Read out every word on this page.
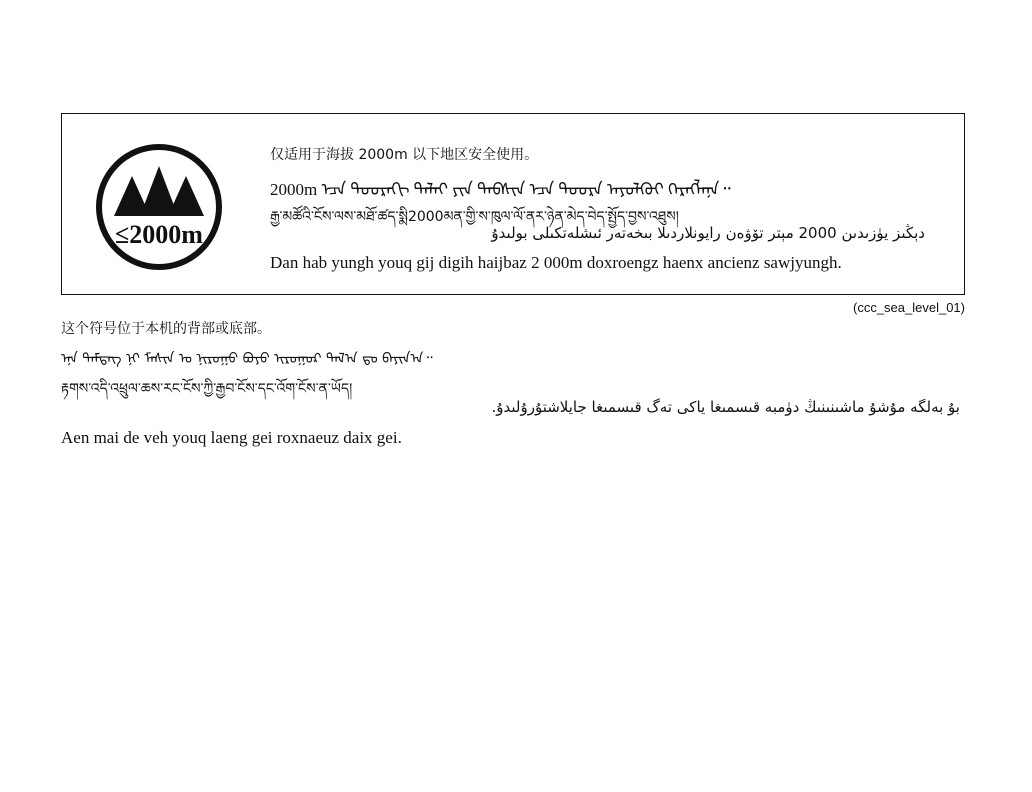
≤2000m
仅适用于海拔 2000m 以下地区安全使用。
2000m ᠡᠴᠡ ᠳᠣᠣᠷᠠᠬᠢ ᠳᠠᠯᠠᠢ ᠶᠢᠨ ᠲᠡᠪᠰᠢᠨ ᠡᠴᠡ ᠳᠣᠣᠷᠠ ᠠᠶᠤᠯᠭᠦᠢ ᠬᠡᠷᠡᠭᠯᠡᠨᠡ᠃
རྒྱ་མཚོའི་ངོས་ལས་མཐོ་ཚད་སྨི2000མན་གྱི་ས་ཁུལ་ལོ་ནར་ཉེན་མེད་བེད་སྤྱོད་བྱས་འཐུས།
دېڭىز يۈزىدىن 2000 مېتر تۆۋەن رايونلاردىلا بىخەتەر ئىشلەتكىلى بولىدۇ
Dan hab yungh youq gij digih haijbaz 2 000m doxroengz haenx ancienz sawjyungh.
(ccc_sea_level_01)
这个符号位于本机的背部或底部。
ᠡᠨᠡ ᠲᠡᠮᠳᠡᠭ ᠨᠢ ᠮᠠᠰᠢᠨ ᠤ ᠨᠢᠷᠤᠭᠤ ᠪᠤᠶᠤ ᠢᠷᠤᠭᠤᠷ ᠲᠠᠯ᠎ᠠ ᠳᠤ ᠪᠠᠶᠢᠨ᠎ᠠ᠃
རྟགས་འདི་འཕྲུལ་ཆས་རང་ངོས་ཀྱི་རྒྱབ་ངོས་དང་འོག་ངོས་ན་ཡོད།
بۇ بەلگە مۇشۇ ماشىنىنىڭ دۈمبە قىسمىغا ياكى تەگ قىسمىغا جايلاشتۇرۇلىدۇ.
Aen mai de veh youq laeng gei roxnaeuz daix gei.
